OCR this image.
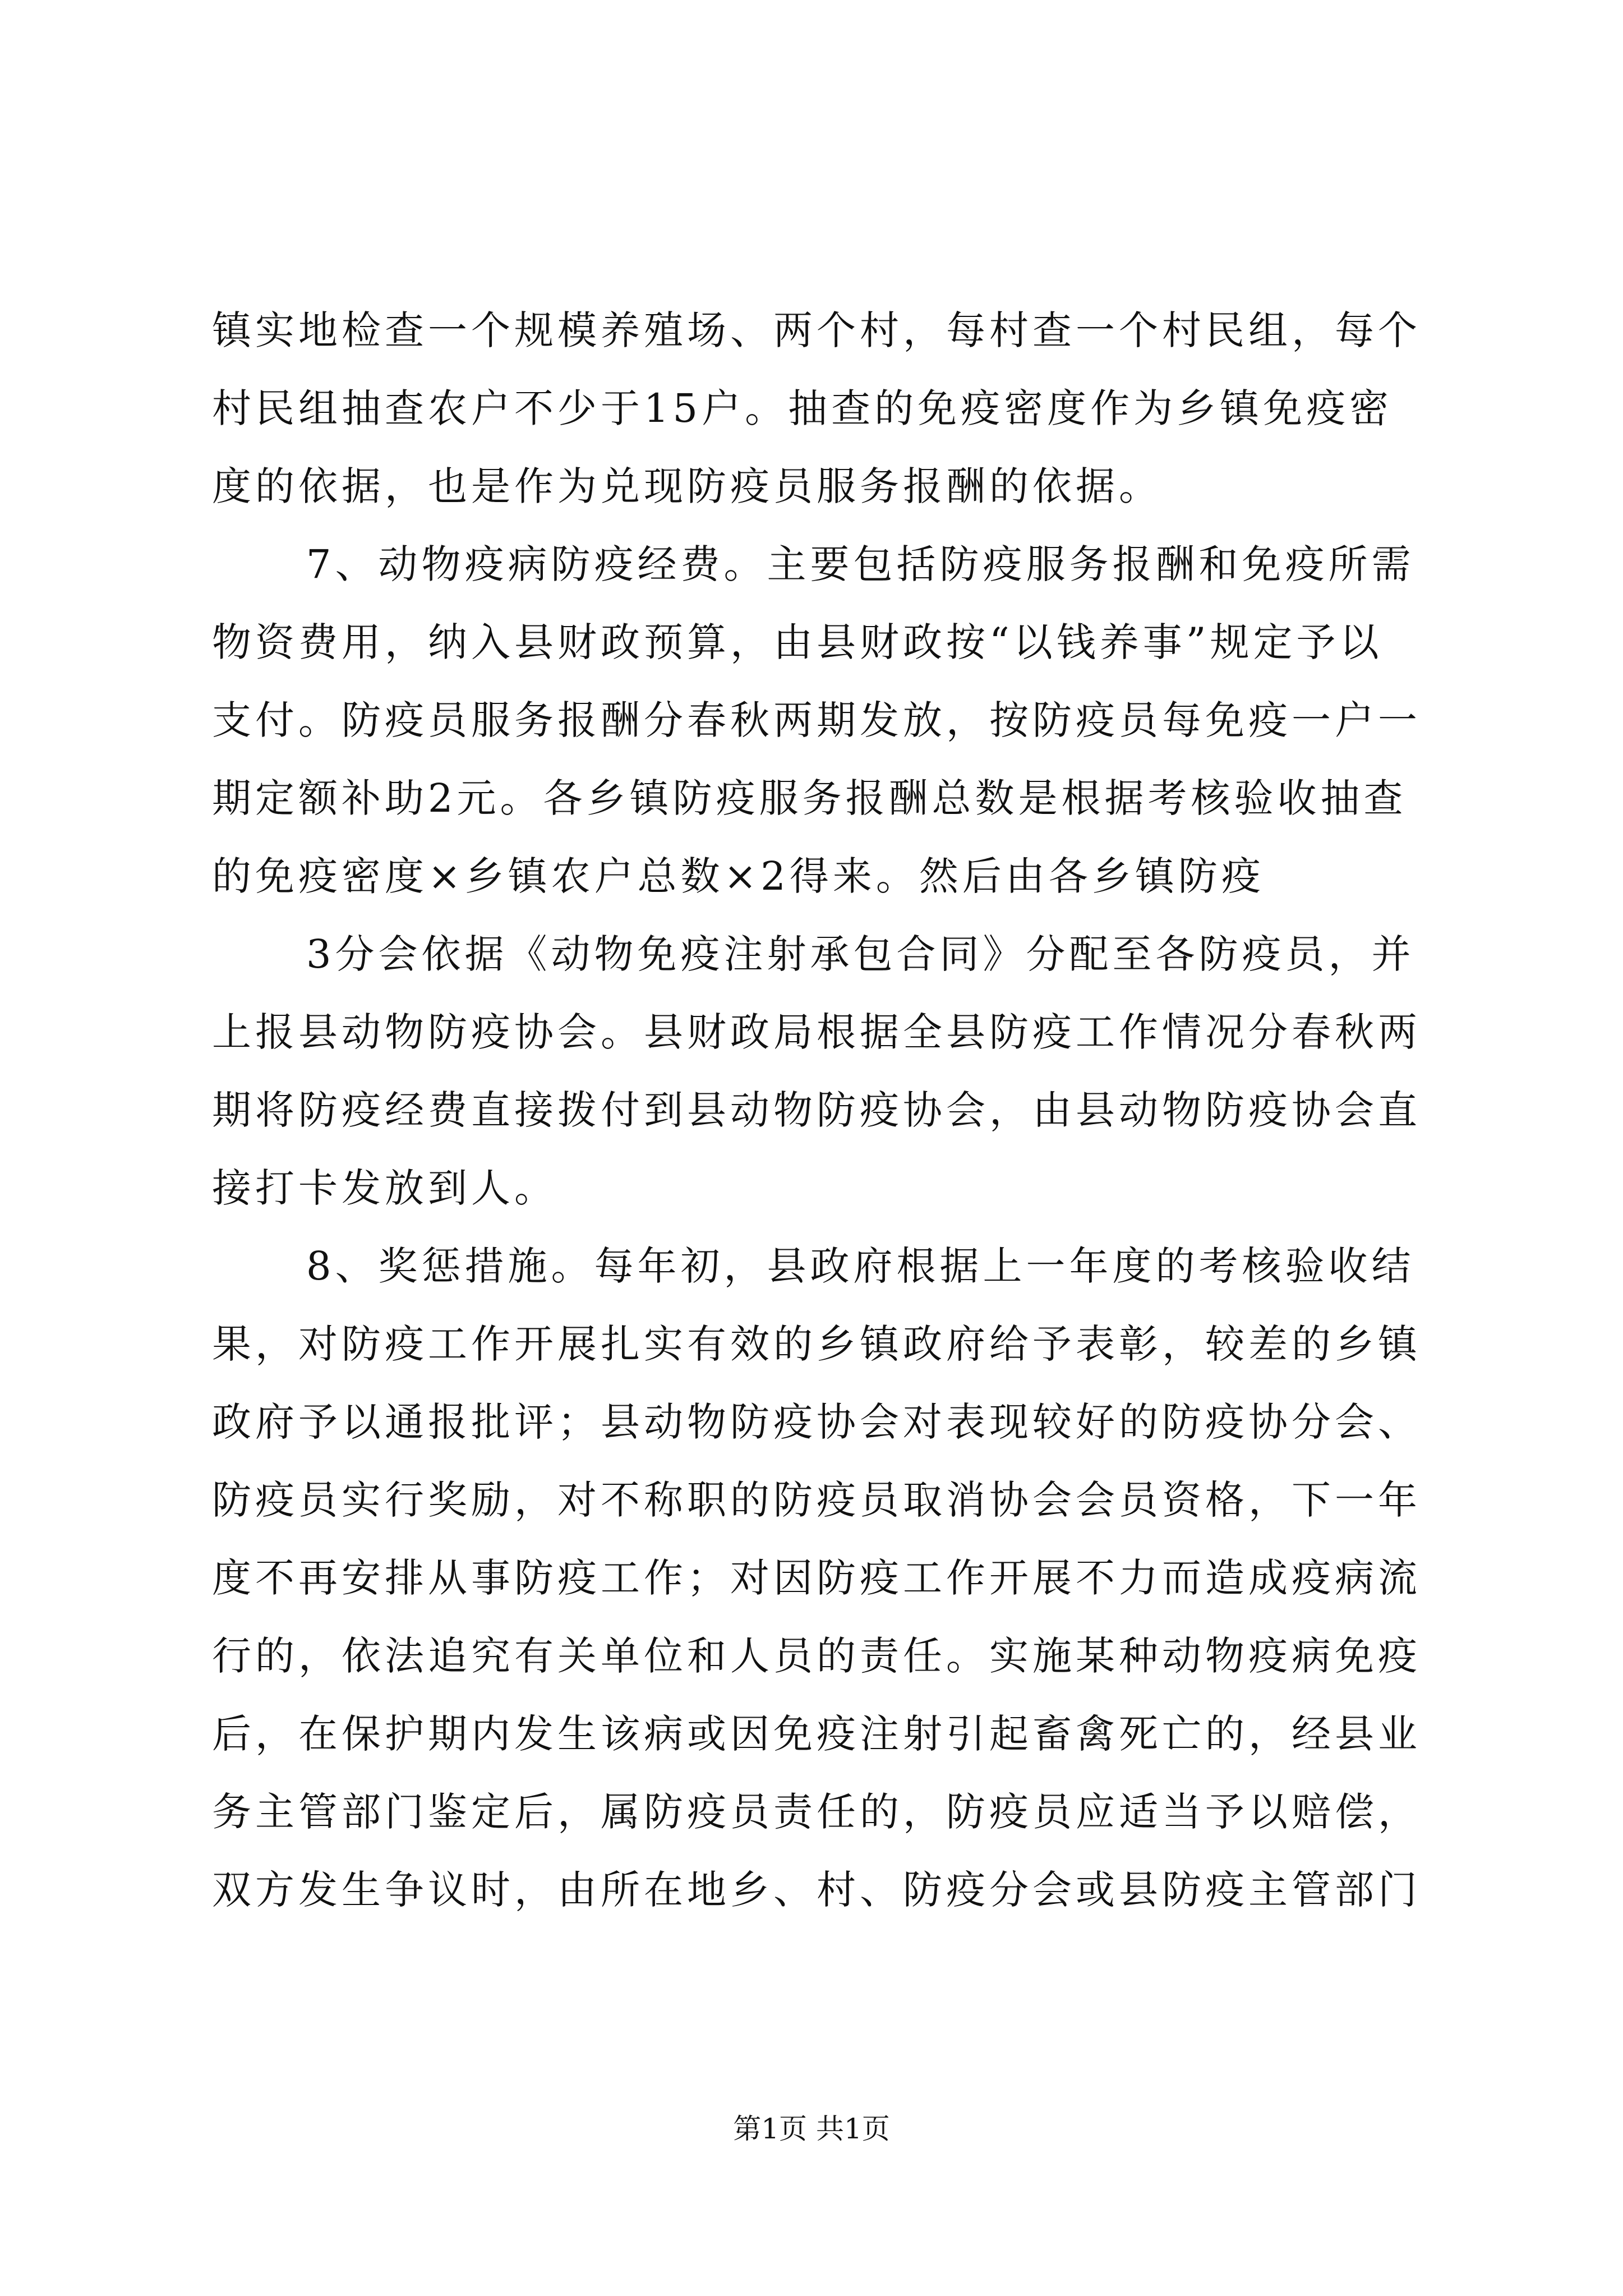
镇实地检查一个规模养殖场、两个村，每村查一个村民组，每个
村民组抽查农户不少于15户。抽查的免疫密度作为乡镇免疫密
度的依据，也是作为兑现防疫员服务报酬的依据。
7、动物疫病防疫经费。主要包括防疫服务报酬和免疫所需
物资费用，纳入县财政预算，由县财政按“以钱养事”规定予以
支付。防疫员服务报酬分春秋两期发放，按防疫员每免疫一户一
期定额补助2元。各乡镇防疫服务报酬总数是根据考核验收抽查
的免疫密度×乡镇农户总数×2得来。然后由各乡镇防疫
3分会依据《动物免疫注射承包合同》分配至各防疫员，并
上报县动物防疫协会。县财政局根据全县防疫工作情况分春秋两
期将防疫经费直接拨付到县动物防疫协会，由县动物防疫协会直
接打卡发放到人。
8、奖惩措施。每年初，县政府根据上一年度的考核验收结
果，对防疫工作开展扎实有效的乡镇政府给予表彰，较差的乡镇
政府予以通报批评；县动物防疫协会对表现较好的防疫协分会、
防疫员实行奖励，对不称职的防疫员取消协会会员资格，下一年
度不再安排从事防疫工作；对因防疫工作开展不力而造成疫病流
行的，依法追究有关单位和人员的责任。实施某种动物疫病免疫
后，在保护期内发生该病或因免疫注射引起畜禽死亡的，经县业
务主管部门鉴定后，属防疫员责任的，防疫员应适当予以赔偿，
双方发生争议时，由所在地乡、村、防疫分会或县防疫主管部门
第1页 共1页
